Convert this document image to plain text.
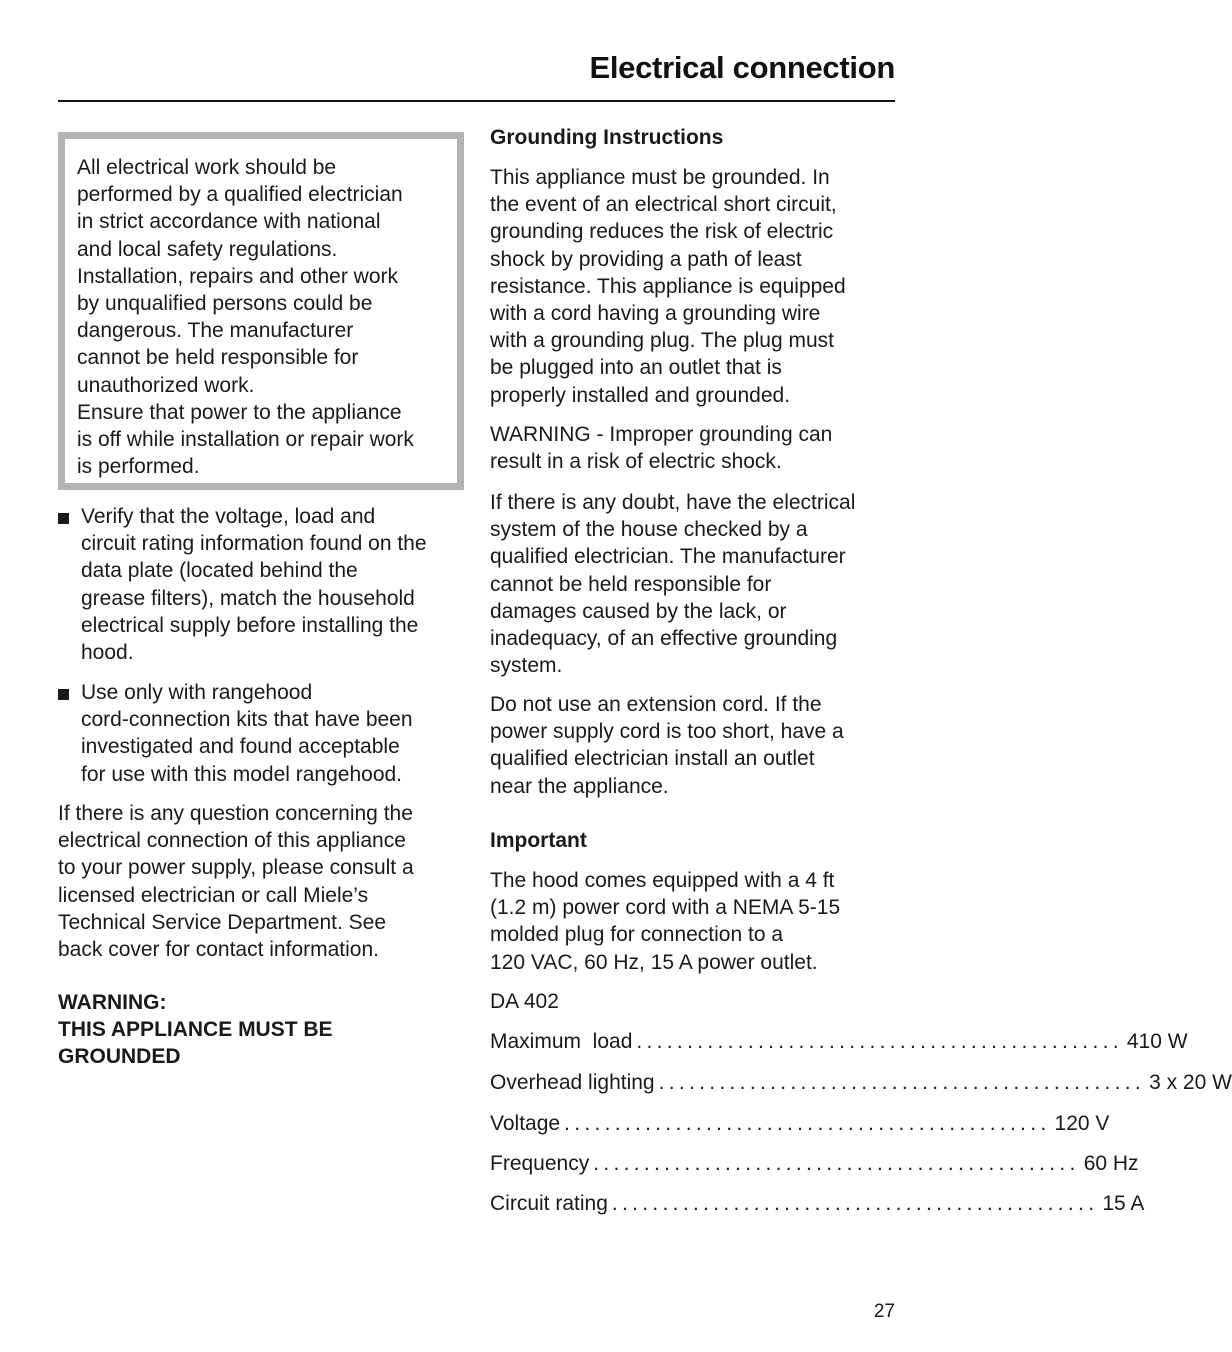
Electrical connection
All electrical work should be
performed by a qualified electrician
in strict accordance with national
and local safety regulations.
Installation, repairs and other work
by unqualified persons could be
dangerous. The manufacturer
cannot be held responsible for
unauthorized work.
Ensure that power to the appliance
is off while installation or repair work
is performed.
Verify that the voltage, load and
circuit rating information found on the
data plate (located behind the
grease filters), match the household
electrical supply before installing the
hood.
Use only with rangehood
cord-connection kits that have been
investigated and found acceptable
for use with this model rangehood.
If there is any question concerning the
electrical connection of this appliance
to your power supply, please consult a
licensed electrician or call Miele’s
Technical Service Department. See
back cover for contact information.
WARNING:
THIS APPLIANCE MUST BE
GROUNDED
Grounding Instructions
This appliance must be grounded. In
the event of an electrical short circuit,
grounding reduces the risk of electric
shock by providing a path of least
resistance. This appliance is equipped
with a cord having a grounding wire
with a grounding plug. The plug must
be plugged into an outlet that is
properly installed and grounded.
WARNING - Improper grounding can
result in a risk of electric shock.
If there is any doubt, have the electrical
system of the house checked by a
qualified electrician. The manufacturer
cannot be held responsible for
damages caused by the lack, or
inadequacy, of an effective grounding
system.
Do not use an extension cord. If the
power supply cord is too short, have a
qualified electrician install an outlet
near the appliance.
Important
The hood comes equipped with a 4 ft
(1.2 m) power cord with a NEMA 5-15
molded plug for connection to a
120 VAC, 60 Hz, 15 A power outlet.
DA 402
Maximum  load ................................................ 410 W
Overhead lighting ................................................ 3 x 20 W
Voltage ................................................ 120 V
Frequency ................................................ 60 Hz
Circuit rating ................................................ 15 A
27
